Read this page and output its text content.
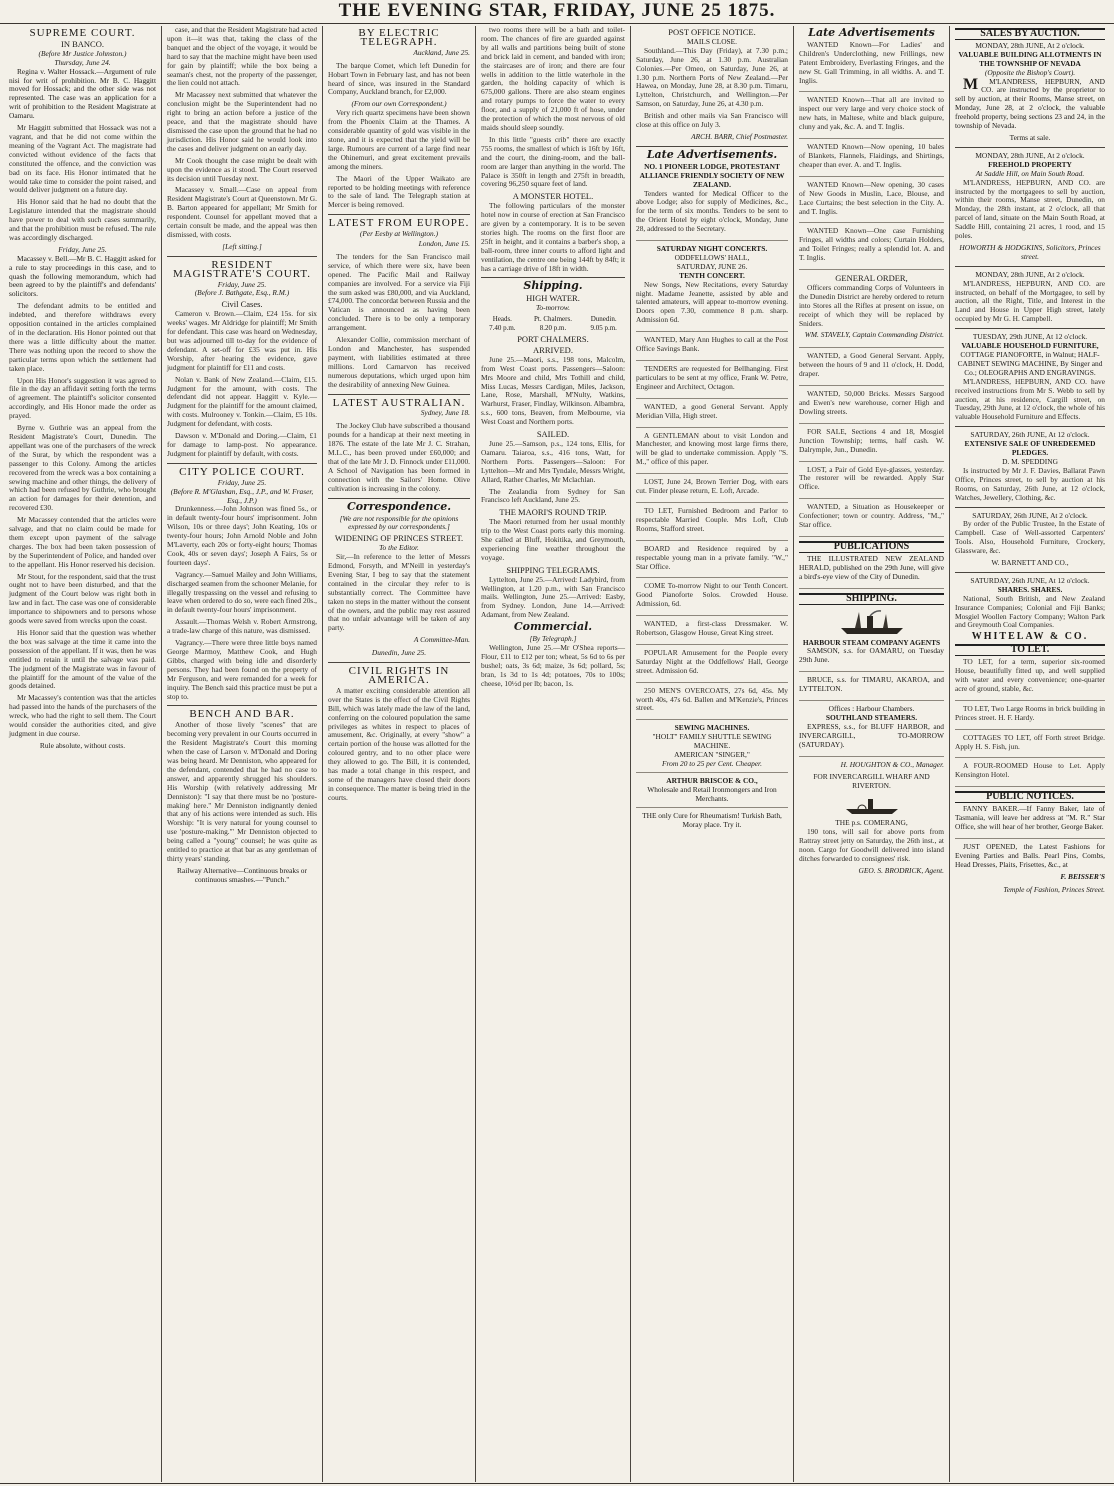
THE EVENING STAR, FRIDAY, JUNE 25 1875.
SUPREME COURT.
IN BANCO.
(Before Mr Justice Johnston.)
Thursday, June 24.

Regina v. Walter Hossack.—Argument of rule nisi for writ of prohibition. Mr B. C. Haggitt moved for Hossack; and the other side was not represented. The case was an application for a writ of prohibition to the Resident Magistrate at Oamaru.

Mr Haggitt submitted that Hossack was not a vagrant, and that he did not come within the meaning of the Vagrant Act. The magistrate had convicted without evidence of the facts that constituted the offence, and the conviction was bad on its face. His Honor intimated that he would take time to consider the point raised, and would deliver judgment on a future day.

His Honor said that he had no doubt that the Legislature intended that the magistrate should have power to deal with such cases summarily, and that the prohibition must be refused. The rule was accordingly discharged.

Friday, June 25.

Macassey v. Bell.—Mr B. C. Haggitt asked for a rule to stay proceedings in this case, and to quash the following memorandum, which had been agreed to by the plaintiff's and defendants' solicitors.

The defendant admits to be entitled and indebted, and therefore withdraws every opposition contained in the articles complained of in the declaration. His Honor pointed out that there was a little difficulty about the matter. There was nothing upon the record to show the particular terms upon which the settlement had taken place.

Upon His Honor's suggestion it was agreed to file in the day an affidavit setting forth the terms of agreement. The plaintiff's solicitor consented accordingly, and His Honor made the order as prayed.

Byrne v. Guthrie was an appeal from the Resident Magistrate's Court, Dunedin. The appellant was one of the purchasers of the wreck of the Surat, by which the respondent was a passenger to this Colony. Among the articles recovered from the wreck was a box containing a sewing machine and other things, the delivery of which had been refused by Guthrie, who brought an action for damages for their detention, and recovered £30.

Mr Macassey contended that the articles were salvage, and that no claim could be made for them except upon payment of the salvage charges. The box had been taken possession of by the Superintendent of Police, and handed over to the appellant. His Honor reserved his decision.

Mr Stout, for the respondent, said that the trust ought not to have been disturbed, and that the judgment of the Court below was right both in law and in fact. The case was one of considerable importance to shipowners and to persons whose goods were saved from wrecks upon the coast.

His Honor said that the question was whether the box was salvage at the time it came into the possession of the appellant. If it was, then he was entitled to retain it until the salvage was paid. The judgment of the Magistrate was in favour of the plaintiff for the amount of the value of the goods detained.

Mr Macassey's contention was that the articles had passed into the hands of the purchasers of the wreck, who had the right to sell them. The Court would consider the authorities cited, and give judgment in due course.

Rule absolute, without costs.

case, and that the Resident Magistrate had acted upon it—it was that, taking the class of the banquet and the object of the voyage, it would be hard to say that the machine might have been used for gain by plaintiff; while the box being a seaman's chest, not the property of the passenger, the lien could not attach.

Mr Macassey next submitted that whatever the conclusion might be the Superintendent had no right to bring an action before a justice of the peace, and that the magistrate should have dismissed the case upon the ground that he had no jurisdiction. His Honor said he would look into the cases and deliver judgment on an early day.

Mr Cook thought the case might be dealt with upon the evidence as it stood. The Court reserved its decision until Tuesday next.

Macassey v. Small.—Case on appeal from Resident Magistrate's Court at Queenstown. Mr G. B. Barton appeared for appellant; Mr Smith for respondent. Counsel for appellant moved that a certain consult be made, and the appeal was then dismissed, with costs.

[Left sitting.]
RESIDENT MAGISTRATE'S COURT.
Friday, June 25.
(Before J. Bathgate, Esq., R.M.)
Civil Cases.

Cameron v. Brown.—Claim, £24 15s. for six weeks' wages. Mr Aldridge for plaintiff; Mr Smith for defendant. This case was heard on Wednesday, but was adjourned till to-day for the evidence of defendant. A set-off for £35 was put in. His Worship, after hearing the evidence, gave judgment for plaintiff for £11 and costs.

Nolan v. Bank of New Zealand.—Claim, £15. Judgment for the amount, with costs. The defendant did not appear. Haggitt v. Kyle.—Judgment for the plaintiff for the amount claimed, with costs. Mulrooney v. Tonkin.—Claim, £5 10s. Judgment for defendant, with costs.

Dawson v. M'Donald and Doring.—Claim, £1 for damage to lamp-post. No appearance. Judgment for plaintiff by default, with costs.

CITY POLICE COURT.
Friday, June 25.
(Before R. M'Glashan, Esq., J.P., and W. Fraser, Esq., J.P.)

Drunkenness.—John Johnson was fined 5s., or in default twenty-four hours' imprisonment. John Wilson, 10s or three days'; John Keating, 10s or twenty-four hours; John Arnold Noble and John M'Laverty, each 20s or forty-eight hours; Thomas Cook, 40s or seven days'; Joseph A Fairs, 5s or fourteen days'.

Vagrancy.—Samuel Mailey and John Williams, discharged seamen from the schooner Melanie, for illegally trespassing on the vessel and refusing to leave when ordered to do so, were each fined 20s., in default twenty-four hours' imprisonment.

Assault.—Thomas Welsh v. Robert Armstrong, a trade-law charge of this nature, was dismissed.

Vagrancy.—There were three little boys named George Marmoy, Matthew Cook, and Hugh Gibbs, charged with being idle and disorderly persons. They had been found on the property of Mr Ferguson, and were remanded for a week for inquiry. The Bench said this practice must be put a stop to.

BENCH AND BAR.

Another of those lively "scenes" that are becoming very prevalent in our Courts occurred in the Resident Magistrate's Court this morning when the case of Larson v. M'Donald and Doring was being heard. Mr Denniston, who appeared for the defendant, contended that he had no case to answer, and apparently shrugged his shoulders. His Worship (with relatively addressing Mr Denniston): "I say that there must be no 'posture-making' here." Mr Denniston indignantly denied that any of his actions were intended as such. His Worship: "It is very natural for young counsel to use 'posture-making.'" Mr Denniston objected to being called a "young" counsel; he was quite as entitled to practice at that bar as any gentleman of thirty years' standing.

Railway Alternative—Continuous breaks or continuous smashes.—"Punch."
BY ELECTRIC TELEGRAPH.
Auckland, June 25.

The barque Comet, which left Dunedin for Hobart Town in February last, and has not been heard of since, was insured in the Standard Company, Auckland branch, for £2,000.

(From our own Correspondent.)

Very rich quartz specimens have been shown from the Phoenix Claim at the Thames. A considerable quantity of gold was visible in the stone, and it is expected that the yield will be large. Rumours are current of a large find near the Ohinemuri, and great excitement prevails among the miners.

The Maori of the Upper Waikato are reported to be holding meetings with reference to the sale of land. The Telegraph station at Mercer is being removed.

LATEST FROM EUROPE.
(Per Eesby at Wellington.)
London, June 15.

The tenders for the San Francisco mail service, of which there were six, have been opened. The Pacific Mail and Railway companies are involved. For a service via Fiji the sum asked was £80,000, and via Auckland, £74,000. The concordat between Russia and the Vatican is announced as having been concluded. There is to be only a temporary arrangement.

Alexander Collie, commission merchant of London and Manchester, has suspended payment, with liabilities estimated at three millions. Lord Carnarvon has received numerous deputations, which urged upon him the desirability of annexing New Guinea.

LATEST AUSTRALIAN.
Sydney, June 18.

The Jockey Club have subscribed a thousand pounds for a handicap at their next meeting in 1876. The estate of the late Mr J. C. Strahan, M.L.C., has been proved under £60,000; and that of the late Mr J. D. Finnock under £11,000. A School of Navigation has been formed in connection with the Sailors' Home. Olive cultivation is increasing in the colony.

Correspondence.
[We are not responsible for the opinions expressed by our correspondents.]
WIDENING OF PRINCES STREET.
To the Editor.

Sir,—In reference to the letter of Messrs Edmond, Forsyth, and M'Neill in yesterday's Evening Star, I beg to say that the statement contained in the circular they refer to is substantially correct. The Committee have taken no steps in the matter without the consent of the owners, and the public may rest assured that no unfair advantage will be taken of any party.

A Committee-Man.
Dunedin, June 25.
CIVIL RIGHTS IN AMERICA.

A matter exciting considerable attention all over the States is the effect of the Civil Rights Bill, which was lately made the law of the land, conferring on the coloured population the same privileges as whites in respect to places of amusement, &c. Originally, at every "show" a certain portion of the house was allotted for the coloured gentry, and to no other place were they allowed to go. The Bill, it is contended, has made a total change in this respect, and some of the managers have closed their doors in consequence. The matter is being tried in the courts.

two rooms there will be a bath and toilet-room. The chances of fire are guarded against by all walls and partitions being built of stone and brick laid in cement, and banded with iron; the staircases are of iron; and there are four wells in addition to the little waterhole in the garden, the holding capacity of which is 675,000 gallons. There are also steam engines and rotary pumps to force the water to every floor, and a supply of 21,000 ft of hose, under the protection of which the most nervous of old maids should sleep soundly.

In this little "guests crib" there are exactly 755 rooms, the smallest of which is 16ft by 16ft, and the court, the dining-room, and the ball-room are larger than anything in the world. The Palace is 350ft in length and 275ft in breadth, covering 96,250 square feet of land.

A MONSTER HOTEL.

The following particulars of the monster hotel now in course of erection at San Francisco are given by a contemporary. It is to be seven stories high. The rooms on the first floor are 25ft in height, and it contains a barber's shop, a ball-room, three inner courts to afford light and ventilation, the centre one being 144ft by 84ft; it has a carriage drive of 18ft in width.

Shipping.
HIGH WATER.
To-morrow.
Heads.	Pt. Chalmers.	Dunedin.
7.40 p.m.	8.20 p.m.	9.05 p.m.
PORT CHALMERS.
ARRIVED.

June 25.—Maori, s.s., 198 tons, Malcolm, from West Coast ports. Passengers—Saloon: Mrs Moore and child, Mrs Tothill and child, Miss Lucas, Messrs Cardigan, Miles, Jackson, Lane, Rose, Marshall, M'Nulty, Watkins, Warhurst, Fraser, Findlay, Wilkinson. Albambra, s.s., 600 tons, Beaven, from Melbourne, via West Coast and Northern ports.

SAILED.

June 25.—Samson, p.s., 124 tons, Ellis, for Oamaru. Taiaroa, s.s., 416 tons, Watt, for Northern Ports. Passengers—Saloon: For Lyttelton—Mr and Mrs Tyndale, Messrs Wright, Allard, Rather Charles, Mr Mclachlan.

The Zealandia from Sydney for San Francisco left Auckland, June 25.

THE MAORI'S ROUND TRIP.

The Maori returned from her usual monthly trip to the West Coast ports early this morning. She called at Bluff, Hokitika, and Greymouth, experiencing fine weather throughout the voyage.

SHIPPING TELEGRAMS.

Lyttelton, June 25.—Arrived: Ladybird, from Wellington, at 1.20 p.m., with San Francisco mails. Wellington, June 25.—Arrived: Easby, from Sydney. London, June 14.—Arrived: Adamant, from New Zealand.

Commercial.
[By Telegraph.]

Wellington, June 25.—Mr O'Shea reports—Flour, £11 to £12 per ton; wheat, 5s 6d to 6s per bushel; oats, 3s 6d; maize, 3s 6d; pollard, 5s; bran, 1s 3d to 1s 4d; potatoes, 70s to 100s; cheese, 10½d per lb; bacon, 1s.

POST OFFICE NOTICE.
MAILS CLOSE.

Southland.—This Day (Friday), at 7.30 p.m.; Saturday, June 26, at 1.30 p.m. Australian Colonies.—Per Omeo, on Saturday, June 26, at 1.30 p.m. Northern Ports of New Zealand.—Per Hawea, on Monday, June 28, at 8.30 p.m. Timaru, Lyttelton, Christchurch, and Wellington.—Per Samson, on Saturday, June 26, at 4.30 p.m.

British and other mails via San Francisco will close at this office on July 3.

ARCH. BARR, Chief Postmaster.
Late Advertisements.
NO. 1 PIONEER LODGE, PROTESTANT ALLIANCE FRIENDLY SOCIETY OF NEW ZEALAND.

Tenders wanted for Medical Officer to the above Lodge; also for supply of Medicines, &c., for the term of six months. Tenders to be sent to the Orient Hotel by eight o'clock, Monday, June 28, addressed to the Secretary.

SATURDAY NIGHT CONCERTS.
ODDFELLOWS' HALL,
SATURDAY, JUNE 26.
TENTH CONCERT.

New Songs, New Recitations, every Saturday night. Madame Jeanette, assisted by able and talented amateurs, will appear to-morrow evening. Doors open 7.30, commence 8 p.m. sharp. Admission 6d.

WANTED, Mary Ann Hughes to call at the Post Office Savings Bank.

TENDERS are requested for Bellhanging. First particulars to be sent at my office, Frank W. Petre, Engineer and Architect, Octagon.

WANTED, a good General Servant. Apply Meridian Villa, High street.

A GENTLEMAN about to visit London and Manchester, and knowing most large firms there, will be glad to undertake commission. Apply "S. M.," office of this paper.

LOST, June 24, Brown Terrier Dog, with ears cut. Finder please return, E. Loft, Arcade.

TO LET, Furnished Bedroom and Parlor to respectable Married Couple. Mrs Loft, Club Rooms, Stafford street.

BOARD and Residence required by a respectable young man in a private family. "W.," Star Office.

COME To-morrow Night to our Tenth Concert. Good Pianoforte Solos. Crowded House. Admission, 6d.

WANTED, a first-class Dressmaker. W. Robertson, Glasgow House, Great King street.

POPULAR Amusement for the People every Saturday Night at the Oddfellows' Hall, George street. Admission 6d.

250 MEN'S OVERCOATS, 27s 6d, 45s. My worth 40s, 47s 6d. Ballen and M'Kenzie's, Princes street.

SEWING MACHINES.
"HOLT" FAMILY SHUTTLE SEWING MACHINE.
AMERICAN "SINGER,"
From 20 to 25 per Cent. Cheaper.
ARTHUR BRISCOE & CO.,
Wholesale and Retail Ironmongers and Iron Merchants.
THE only Cure for Rheumatism! Turkish Bath, Moray place. Try it.
Late Advertisements

WANTED Known—For Ladies' and Children's Underclothing, new Frillings, new Patent Embroidery, Everlasting Fringes, and the new St. Gall Trimming, in all widths. A. and T. Inglis.

WANTED Known—That all are invited to inspect our very large and very choice stock of new hats, in Maltese, white and black guipure, cluny and yak, &c. A. and T. Inglis.

WANTED Known—Now opening, 10 bales of Blankets, Flannels, Flaidings, and Shirtings, cheaper than ever. A. and T. Inglis.

WANTED Known—New opening, 30 cases of New Goods in Muslin, Lace, Blouse, and Lace Curtains; the best selection in the City. A. and T. Inglis.

WANTED Known—One case Furnishing Fringes, all widths and colors; Curtain Holders, and Toilet Fringes; really a splendid lot. A. and T. Inglis.

GENERAL ORDER,

Officers commanding Corps of Volunteers in the Dunedin District are hereby ordered to return into Stores all the Rifles at present on issue, on receipt of which they will be replaced by Sniders.

WM. STAVELY, Captain Commanding District.

WANTED, a Good General Servant. Apply, between the hours of 9 and 11 o'clock, H. Dodd, draper.

WANTED, 50,000 Bricks. Messrs Sargood and Ewen's new warehouse, corner High and Dowling streets.

FOR SALE, Sections 4 and 18, Mosgiel Junction Township; terms, half cash. W. Dalrymple, Jun., Dunedin.

LOST, a Pair of Gold Eye-glasses, yesterday. The restorer will be rewarded. Apply Star Office.

WANTED, a Situation as Housekeeper or Confectioner; town or country. Address, "M.," Star office.

PUBLICATIONS

THE ILLUSTRATED NEW ZEALAND HERALD, published on the 29th June, will give a bird's-eye view of the City of Dunedin.

SHIPPING.
HARBOUR STEAM COMPANY AGENTS

SAMSON, s.s. for OAMARU, on Tuesday 29th June.

BRUCE, s.s. for TIMARU, AKAROA, and LYTTELTON.

Offices : Harbour Chambers.
SOUTHLAND STEAMERS.

EXPRESS, s.s., for BLUFF HARBOR, and INVERCARGILL, TO-MORROW (SATURDAY).

H. HOUGHTON & CO., Manager.
FOR INVERCARGILL WHARF AND RIVERTON.
THE p.s. COMERANG,

190 tons, will sail for above ports from Rattray street jetty on Saturday, the 26th inst., at noon. Cargo for Goodwill delivered into island ditches forwarded to consignees' risk.

GEO. S. BRODRICK, Agent.
SALES BY AUCTION.
MONDAY, 28th JUNE, At 2 o'clock.
VALUABLE BUILDING ALLOTMENTS IN THE TOWNSHIP OF NEVADA
(Opposite the Bishop's Court).

M M'LANDRESS, HEPBURN, AND CO. are instructed by the proprietor to sell by auction, at their Rooms, Manse street, on Monday, June 28, at 2 o'clock, the valuable freehold property, being sections 23 and 24, in the township of Nevada.

Terms at sale.
MONDAY, 28th JUNE, At 2 o'clock.
FREEHOLD PROPERTY
At Saddle Hill, on Main South Road.

M'LANDRESS, HEPBURN, AND CO. are instructed by the mortgagees to sell by auction, within their rooms, Manse street, Dunedin, on Monday, the 28th instant, at 2 o'clock, all that parcel of land, situate on the Main South Road, at Saddle Hill, containing 21 acres, 1 rood, and 15 poles.

HOWORTH & HODGKINS, Solicitors, Princes street.
MONDAY, 28th JUNE, At 2 o'clock.

M'LANDRESS, HEPBURN, AND CO. are instructed, on behalf of the Mortgagee, to sell by auction, all the Right, Title, and Interest in the Land and House in Upper High street, lately occupied by Mr G. H. Campbell.

TUESDAY, 29th JUNE, At 12 o'clock.
VALUABLE HOUSEHOLD FURNITURE,
COTTAGE PIANOFORTE, in Walnut; HALF-CABINET SEWING MACHINE, By Singer and Co.; OLEOGRAPHS AND ENGRAVINGS.

M'LANDRESS, HEPBURN, AND CO. have received instructions from Mr S. Webb to sell by auction, at his residence, Cargill street, on Tuesday, 29th June, at 12 o'clock, the whole of his valuable Household Furniture and Effects.

SATURDAY, 26th JUNE, At 12 o'clock.
EXTENSIVE SALE OF UNREDEEMED PLEDGES.
D. M. SPEDDING

Is instructed by Mr J. F. Davies, Ballarat Pawn Office, Princes street, to sell by auction at his Rooms, on Saturday, 26th June, at 12 o'clock, Watches, Jewellery, Clothing, &c.

SATURDAY, 26th JUNE, At 2 o'clock.

By order of the Public Trustee, In the Estate of Campbell. Case of Well-assorted Carpenters' Tools. Also, Household Furniture, Crockery, Glassware, &c.

W. BARNETT AND CO.,
SATURDAY, 26th JUNE, At 12 o'clock.
SHARES. SHARES.

National, South British, and New Zealand Insurance Companies; Colonial and Fiji Banks; Mosgiel Woollen Factory Company; Walton Park and Greymouth Coal Companies.

WHITELAW & CO.
TO LET.

TO LET, for a term, superior six-roomed House, beautifully fitted up, and well supplied with water and every convenience; one-quarter acre of ground, stable, &c.

TO LET, Two Large Rooms in brick building in Princes street. H. F. Hardy.

COTTAGES TO LET, off Forth street Bridge. Apply H. S. Fish, jun.

A FOUR-ROOMED House to Let. Apply Kensington Hotel.

PUBLIC NOTICES.

FANNY BAKER.—If Fanny Baker, late of Tasmania, will leave her address at "M. R." Star Office, she will hear of her brother, George Baker.

JUST OPENED, the Latest Fashions for Evening Parties and Balls. Pearl Pins, Combs, Head Dresses, Plaits, Frisettes, &c., at

F. BEISSER'S
Temple of Fashion, Princes Street.
